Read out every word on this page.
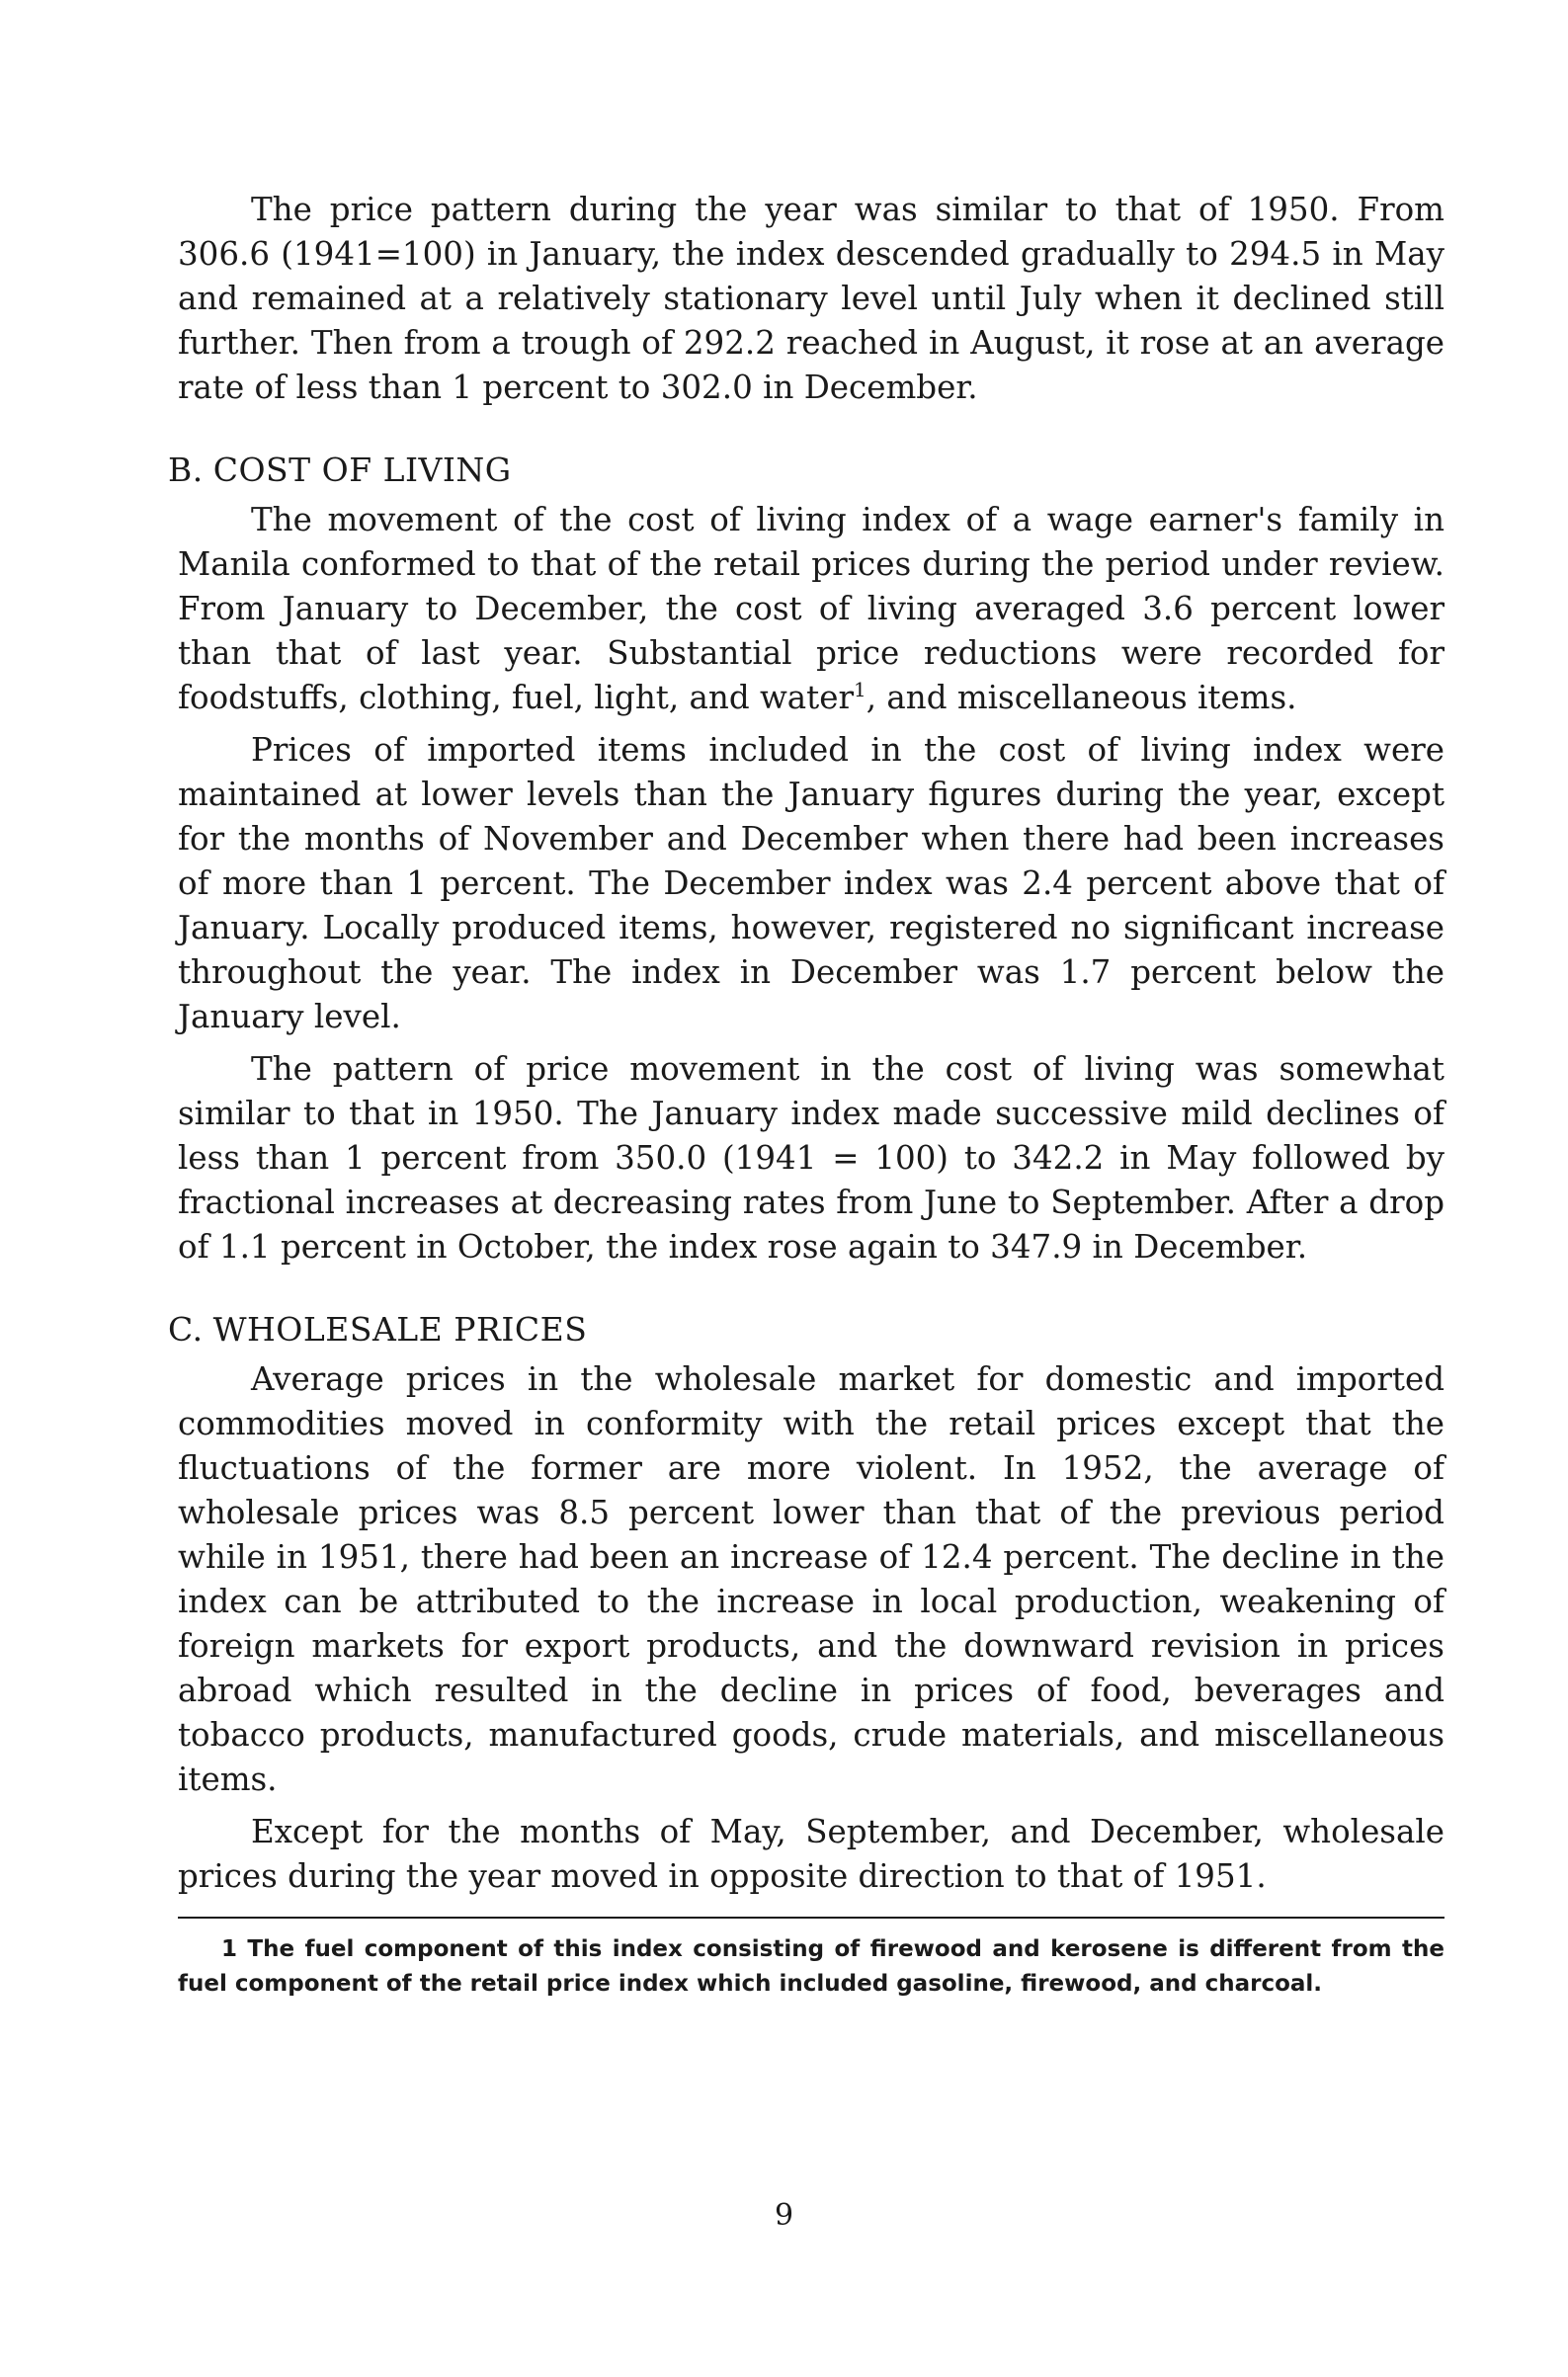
The price pattern during the year was similar to that of 1950. From 306.6 (1941=100) in January, the index descended gradually to 294.5 in May and remained at a relatively stationary level until July when it declined still further. Then from a trough of 292.2 reached in August, it rose at an average rate of less than 1 percent to 302.0 in December.

B. COST OF LIVING

The movement of the cost of living index of a wage earner's family in Manila conformed to that of the retail prices during the period under review. From January to December, the cost of living averaged 3.6 percent lower than that of last year. Substantial price reductions were recorded for foodstuffs, clothing, fuel, light, and water$^1$, and miscellaneous items.

Prices of imported items included in the cost of living index were maintained at lower levels than the January figures during the year, except for the months of November and December when there had been increases of more than 1 percent. The December index was 2.4 percent above that of January. Locally produced items, however, registered no significant increase throughout the year. The index in December was 1.7 percent below the January level.

The pattern of price movement in the cost of living was somewhat similar to that in 1950. The January index made successive mild declines of less than 1 percent from 350.0 (1941 = 100) to 342.2 in May followed by fractional increases at decreasing rates from June to September. After a drop of 1.1 percent in October, the index rose again to 347.9 in December.

C. WHOLESALE PRICES

Average prices in the wholesale market for domestic and imported commodities moved in conformity with the retail prices except that the fluctuations of the former are more violent. In 1952, the average of wholesale prices was 8.5 percent lower than that of the previous period while in 1951, there had been an increase of 12.4 percent. The decline in the index can be attributed to the increase in local production, weakening of foreign markets for export products, and the downward revision in prices abroad which resulted in the decline in prices of food, beverages and tobacco products, manufactured goods, crude materials, and miscellaneous items.

Except for the months of May, September, and December, wholesale prices during the year moved in opposite direction to that of 1951.

1 The fuel component of this index consisting of firewood and kerosene is different from the fuel component of the retail price index which included gasoline, firewood, and charcoal.

9
